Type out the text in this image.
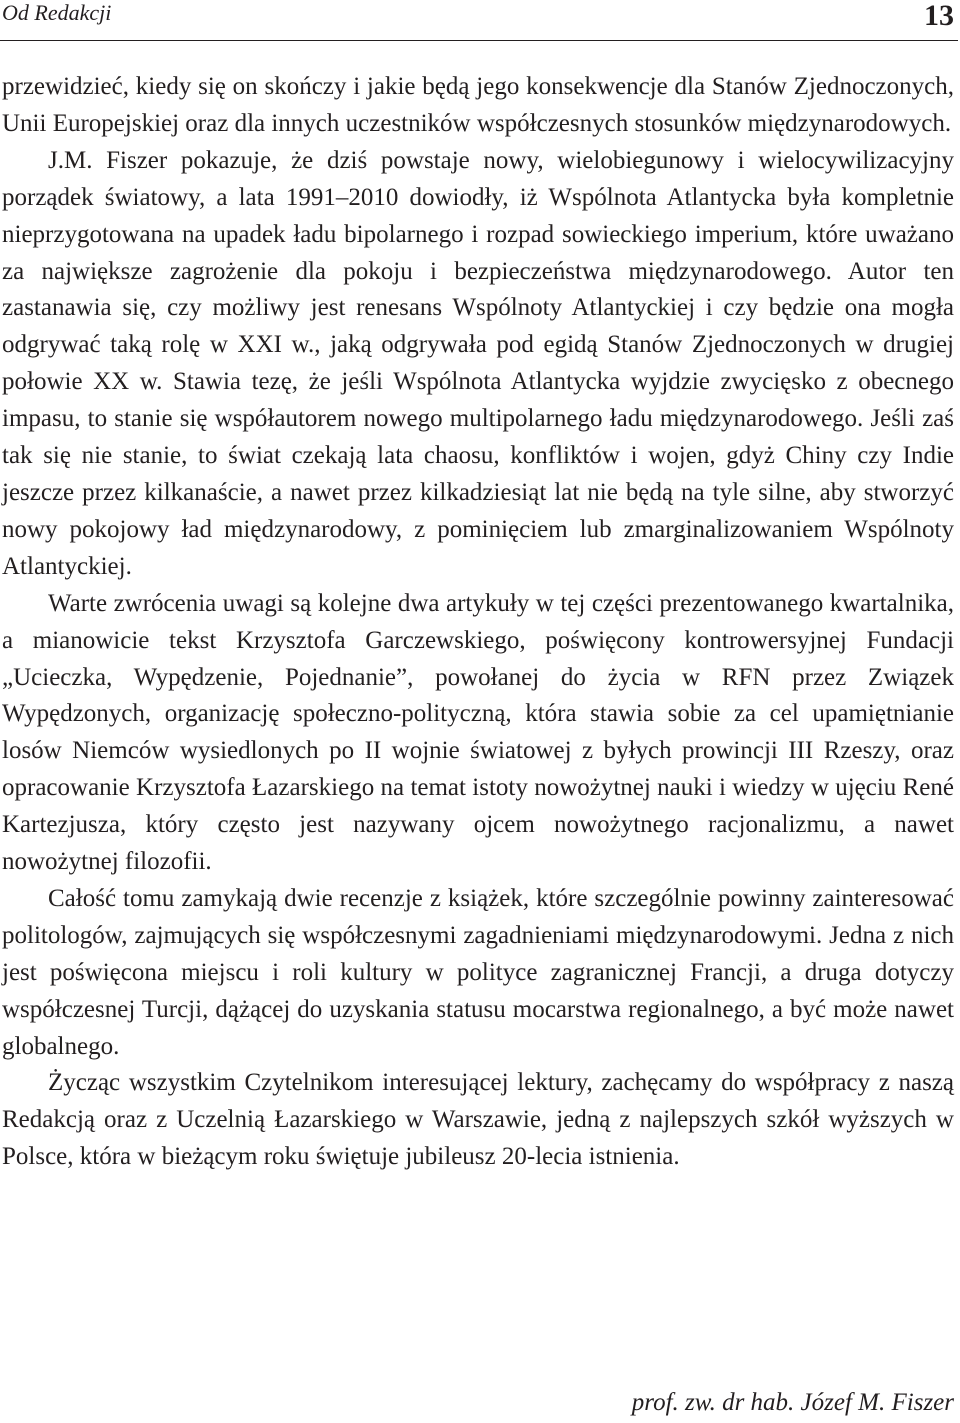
Od Redakcji	13

przewidzieć, kiedy się on skończy i jakie będą jego konsekwencje dla Stanów Zjednoczonych, Unii Europejskiej oraz dla innych uczestników współczesnych stosunków międzynarodowych.

J.M. Fiszer pokazuje, że dziś powstaje nowy, wielobiegunowy i wielocywilizacyjny porządek światowy, a lata 1991–2010 dowiodły, iż Wspólnota Atlantycka była kompletnie nieprzygotowana na upadek ładu bipolarnego i rozpad sowieckiego imperium, które uważano za największe zagrożenie dla pokoju i bezpieczeństwa międzynarodowego. Autor ten zastanawia się, czy możliwy jest renesans Wspólnoty Atlantyckiej i czy będzie ona mogła odgrywać taką rolę w XXI w., jaką odgrywała pod egidą Stanów Zjednoczonych w drugiej połowie XX w. Stawia tezę, że jeśli Wspólnota Atlantycka wyjdzie zwycięsko z obecnego impasu, to stanie się współautorem nowego multipolarnego ładu międzynarodowego. Jeśli zaś tak się nie stanie, to świat czekają lata chaosu, konfliktów i wojen, gdyż Chiny czy Indie jeszcze przez kilkanaście, a nawet przez kilkadziesiąt lat nie będą na tyle silne, aby stworzyć nowy pokojowy ład międzynarodowy, z pominięciem lub zmarginalizowaniem Wspólnoty Atlantyckiej.

Warte zwrócenia uwagi są kolejne dwa artykuły w tej części prezentowanego kwartalnika, a mianowicie tekst Krzysztofa Garczewskiego, poświęcony kontrowersyjnej Fundacji „Ucieczka, Wypędzenie, Pojednanie”, powołanej do życia w RFN przez Związek Wypędzonych, organizację społeczno-polityczną, która stawia sobie za cel upamiętnianie losów Niemców wysiedlonych po II wojnie światowej z byłych prowincji III Rzeszy, oraz opracowanie Krzysztofa Łazarskiego na temat istoty nowożytnej nauki i wiedzy w ujęciu René Kartezjusza, który często jest nazywany ojcem nowożytnego racjonalizmu, a nawet nowożytnej filozofii.

Całość tomu zamykają dwie recenzje z książek, które szczególnie powinny zainteresować politologów, zajmujących się współczesnymi zagadnieniami międzynarodowymi. Jedna z nich jest poświęcona miejscu i roli kultury w polityce zagranicznej Francji, a druga dotyczy współczesnej Turcji, dążącej do uzyskania statusu mocarstwa regionalnego, a być może nawet globalnego.

Życząc wszystkim Czytelnikom interesującej lektury, zachęcamy do współpracy z naszą Redakcją oraz z Uczelnią Łazarskiego w Warszawie, jedną z najlepszych szkół wyższych w Polsce, która w bieżącym roku świętuje jubileusz 20-lecia istnienia.

prof. zw. dr hab. Józef M. Fiszer
